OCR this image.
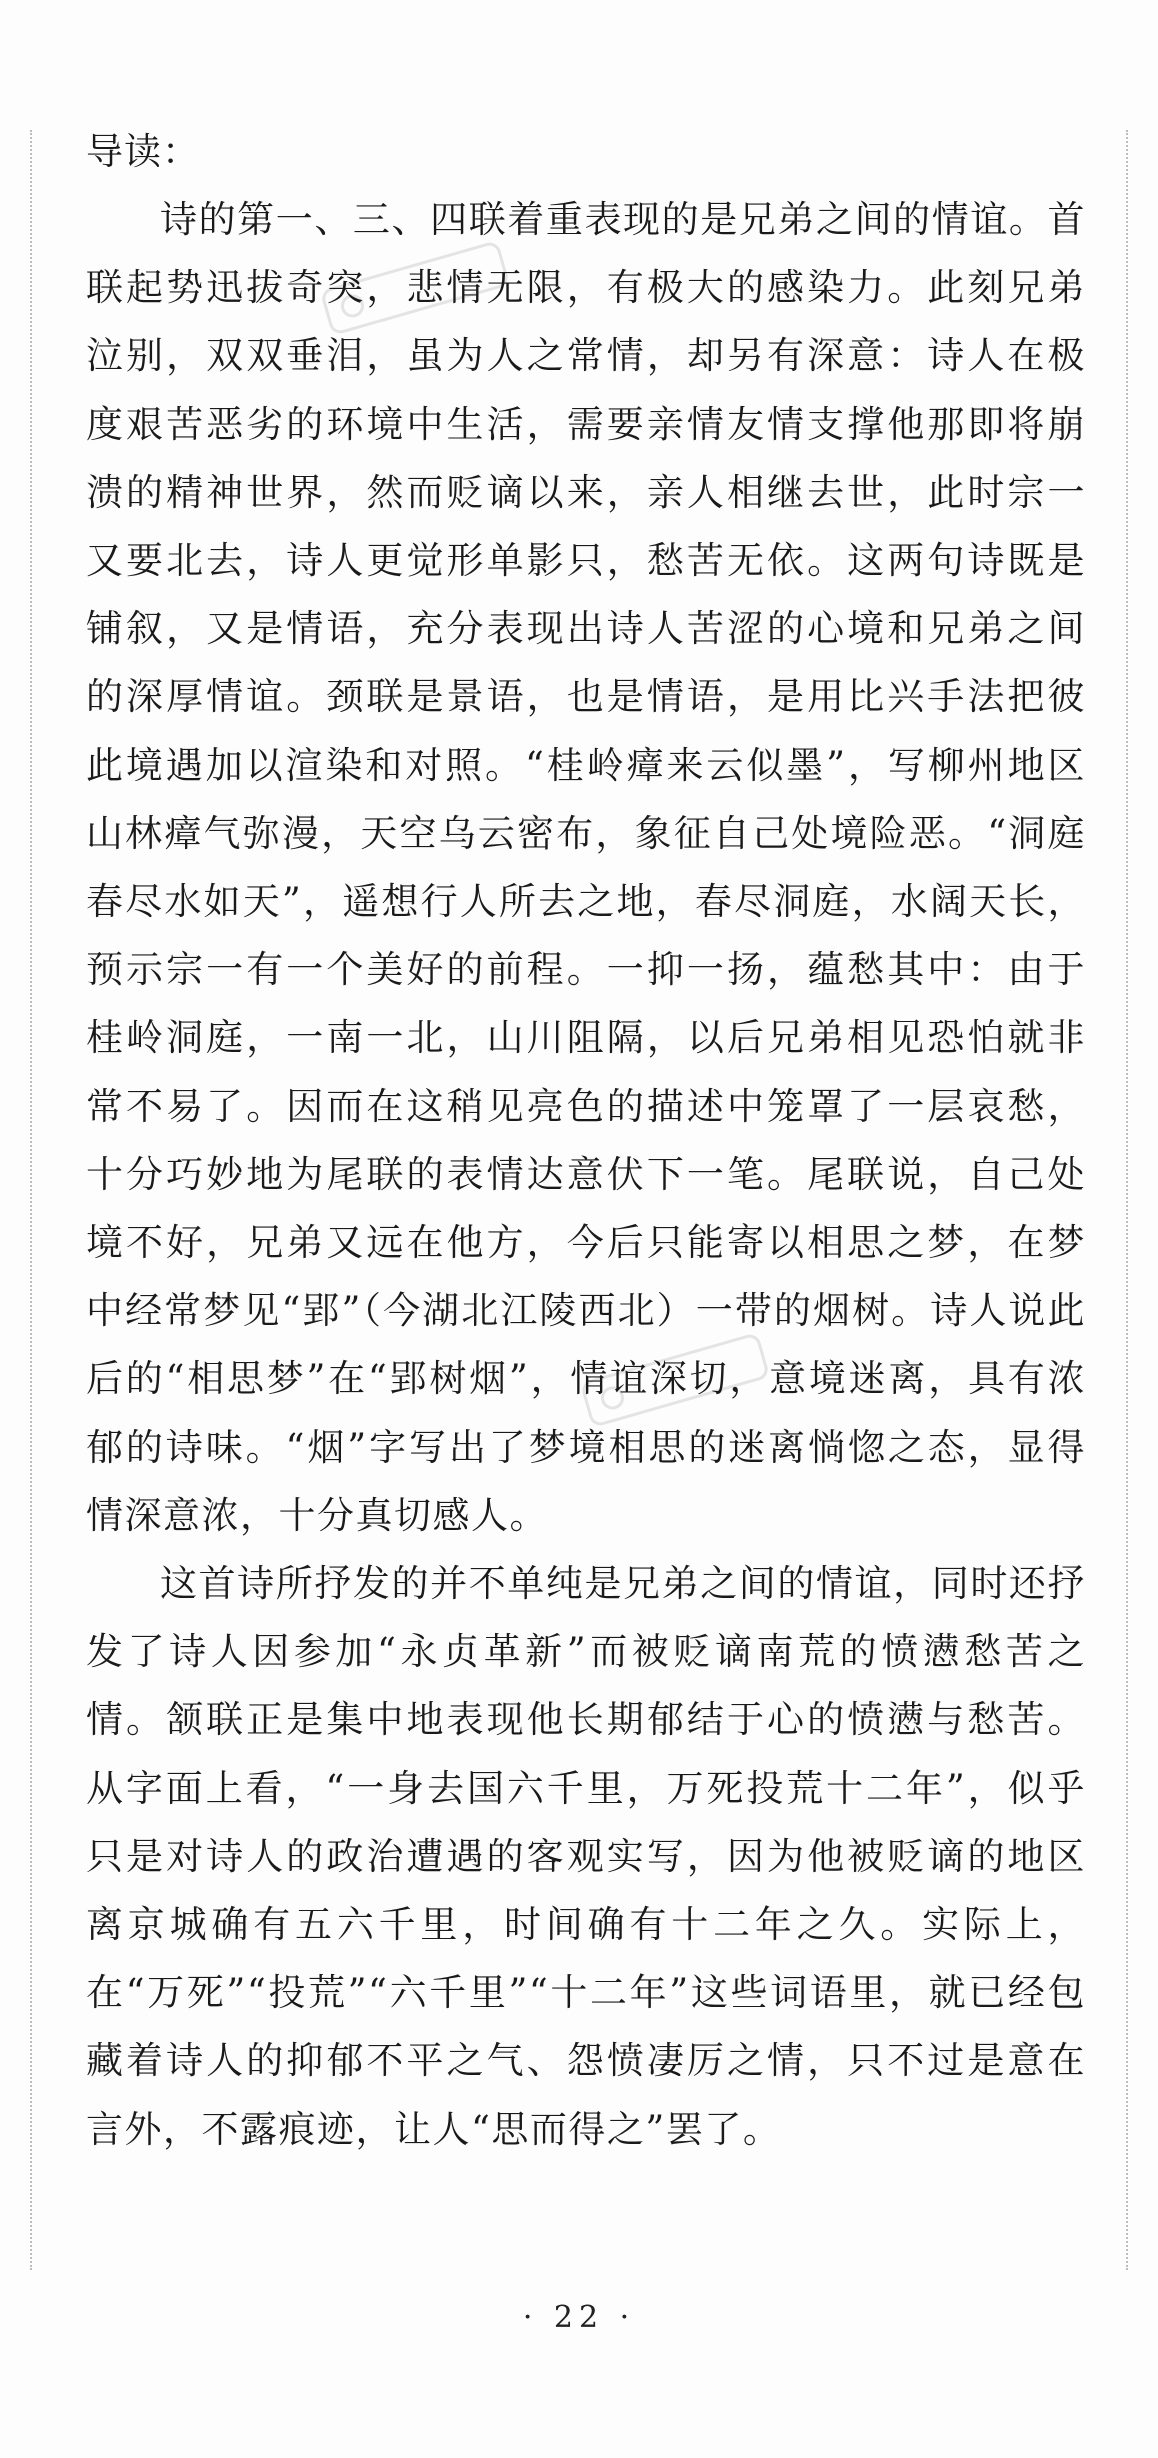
导读：

诗的第一、三、四联着重表现的是兄弟之间的情谊。首联起势迅拔奇突，悲情无限，有极大的感染力。此刻兄弟泣别，双双垂泪，虽为人之常情，却另有深意：诗人在极度艰苦恶劣的环境中生活，需要亲情友情支撑他那即将崩溃的精神世界，然而贬谪以来，亲人相继去世，此时宗一又要北去，诗人更觉形单影只，愁苦无依。这两句诗既是铺叙，又是情语，充分表现出诗人苦涩的心境和兄弟之间的深厚情谊。颈联是景语，也是情语，是用比兴手法把彼此境遇加以渲染和对照。“桂岭瘴来云似墨”，写柳州地区山林瘴气弥漫，天空乌云密布，象征自己处境险恶。“洞庭春尽水如天”，遥想行人所去之地，春尽洞庭，水阔天长，预示宗一有一个美好的前程。一抑一扬，蕴愁其中：由于桂岭洞庭，一南一北，山川阻隔，以后兄弟相见恐怕就非常不易了。因而在这稍见亮色的描述中笼罩了一层哀愁，十分巧妙地为尾联的表情达意伏下一笔。尾联说，自己处境不好，兄弟又远在他方，今后只能寄以相思之梦，在梦中经常梦见“郢”（今湖北江陵西北）一带的烟树。诗人说此后的“相思梦”在“郢树烟”，情谊深切，意境迷离，具有浓郁的诗味。“烟”字写出了梦境相思的迷离惝惚之态，显得情深意浓，十分真切感人。

这首诗所抒发的并不单纯是兄弟之间的情谊，同时还抒发了诗人因参加“永贞革新”而被贬谪南荒的愤懑愁苦之情。颔联正是集中地表现他长期郁结于心的愤懑与愁苦。从字面上看，“一身去国六千里，万死投荒十二年”，似乎只是对诗人的政治遭遇的客观实写，因为他被贬谪的地区离京城确有五六千里，时间确有十二年之久。实际上，在“万死”“投荒”“六千里”“十二年”这些词语里，就已经包藏着诗人的抑郁不平之气、怨愤凄厉之情，只不过是意在言外，不露痕迹，让人“思而得之”罢了。

· 22 ·
